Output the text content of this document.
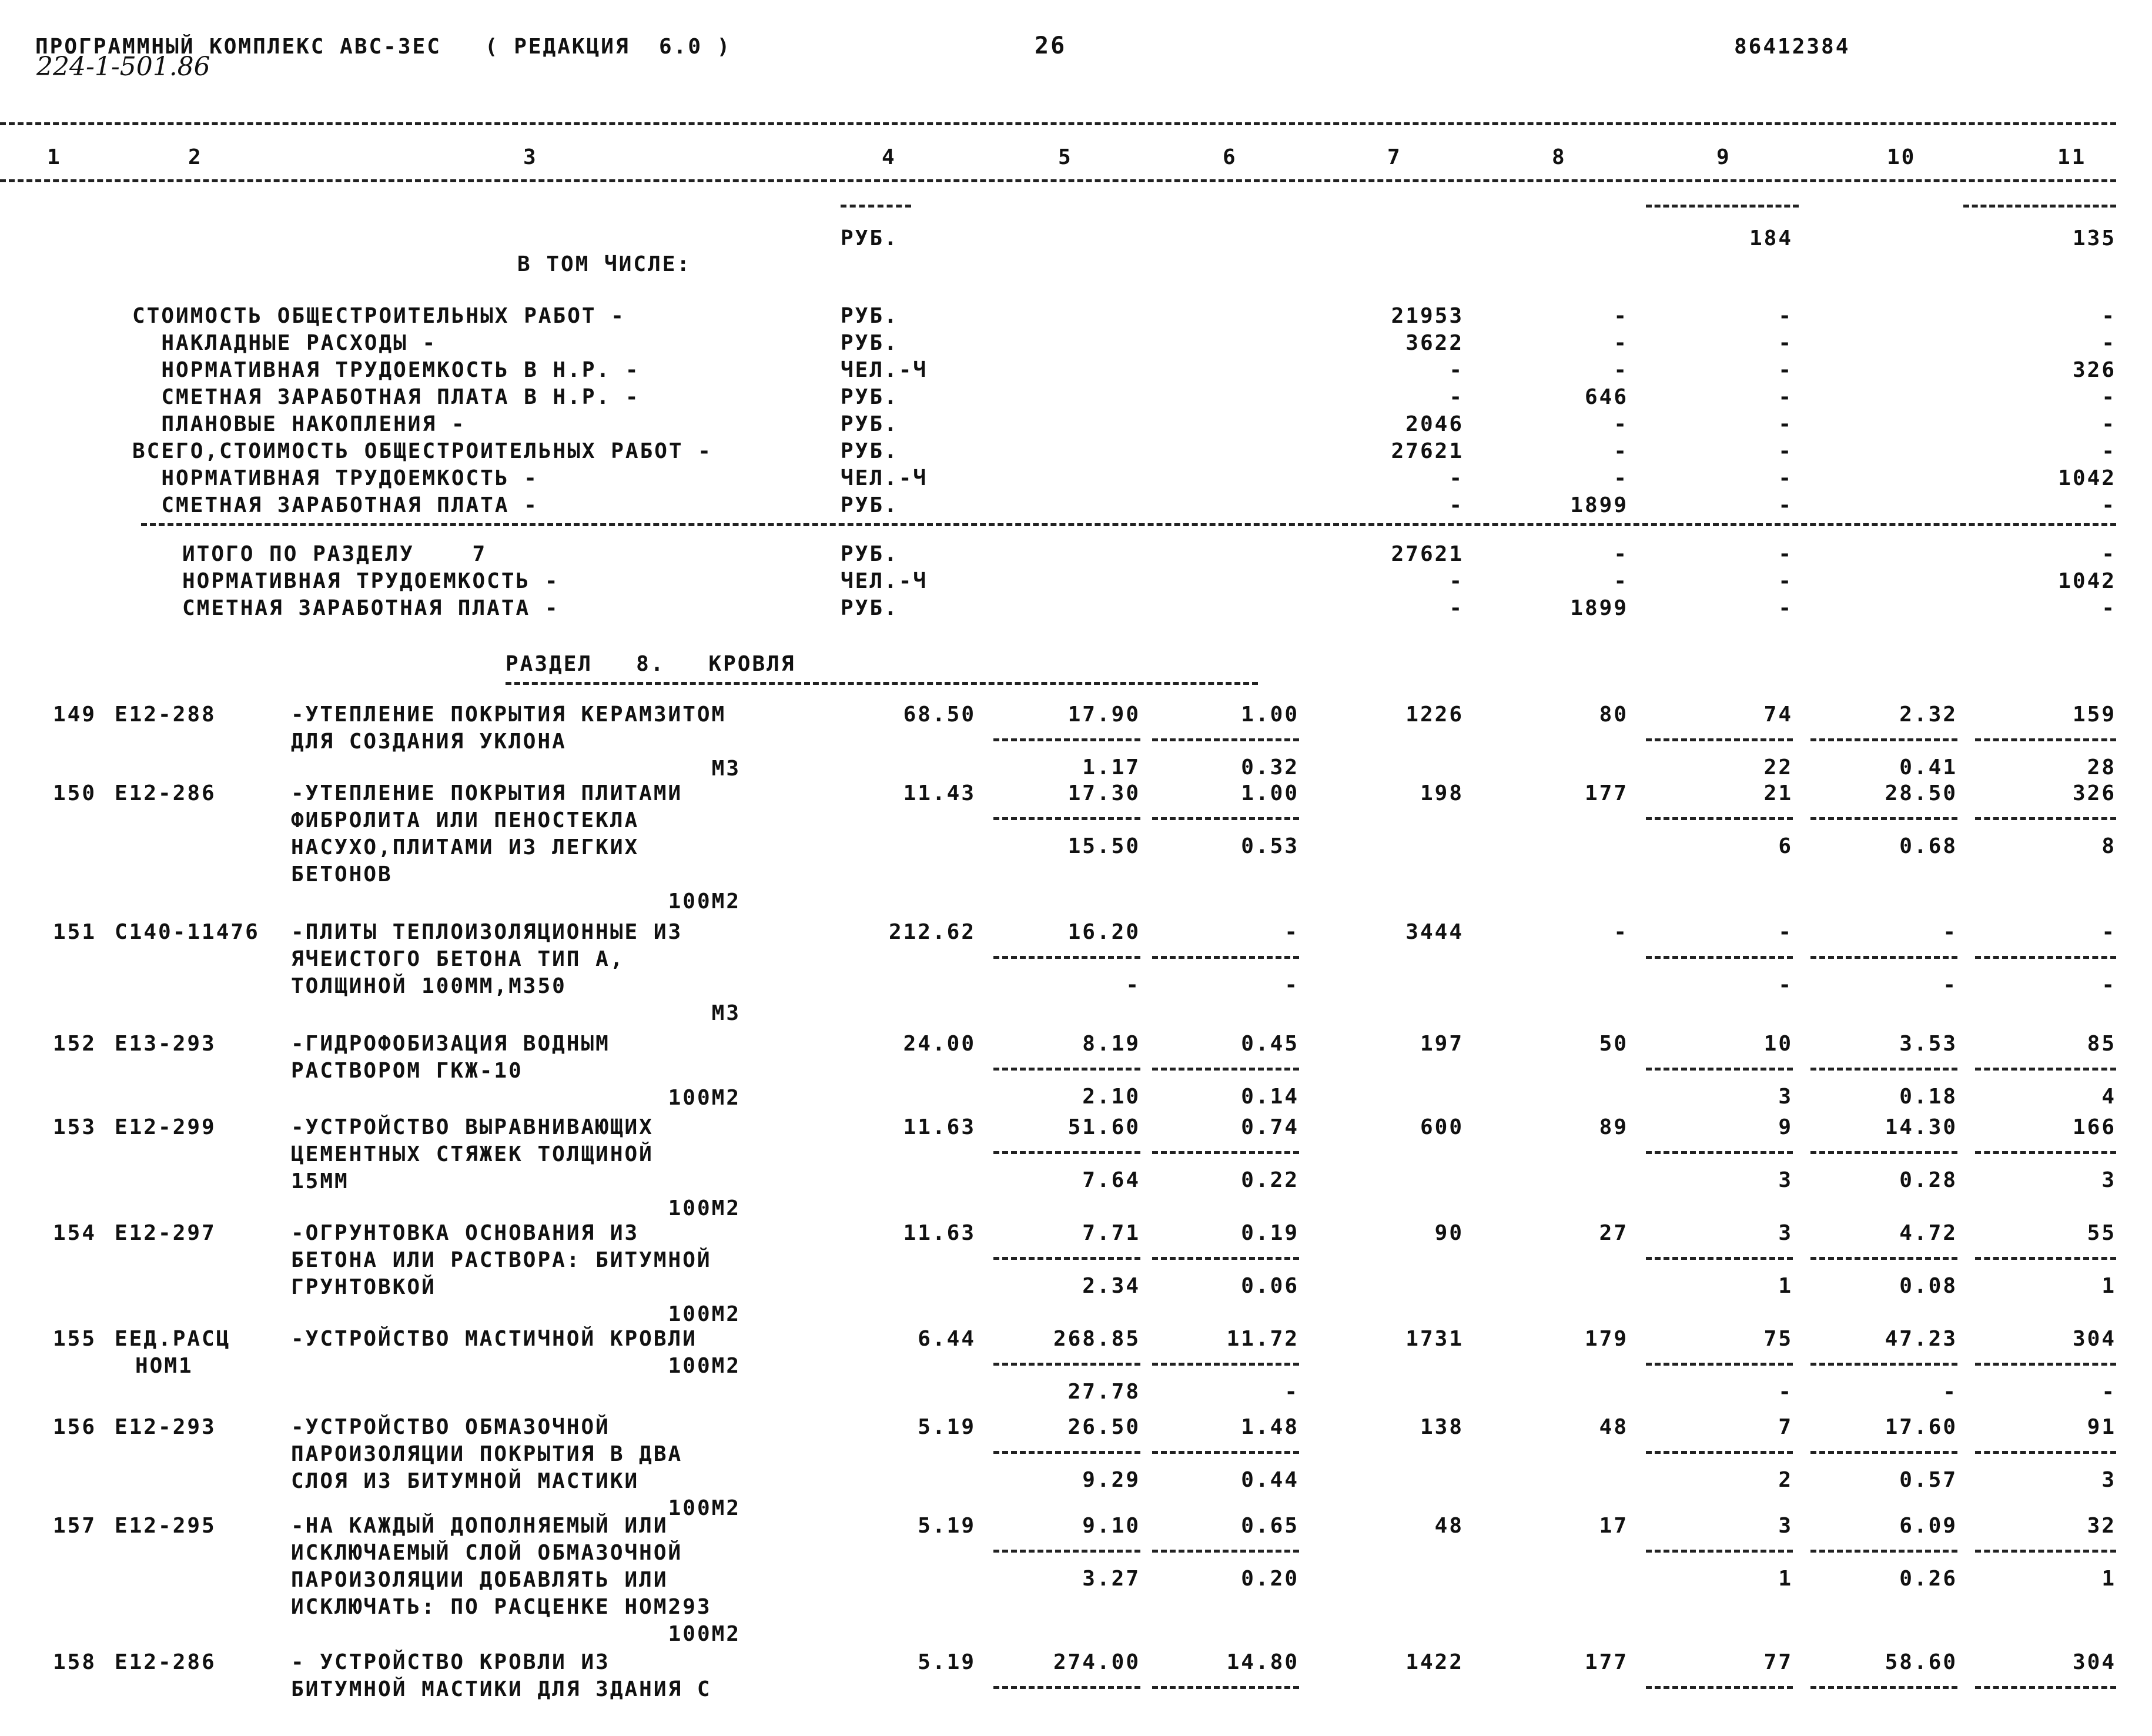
ПРОГРАММНЫЙ КОМПЛЕКС АВС-3ЕС   ( РЕДАКЦИЯ  6.0 )
224-1-501.86
26	86412384
1	2	3	4	5	6	7	8	9	10	11
РУБ.	184	135
В ТОМ ЧИСЛЕ:
СТОИМОСТЬ ОБЩЕСТРОИТЕЛЬНЫХ РАБОТ -	РУБ.	21953	-	-	-
НАКЛАДНЫЕ РАСХОДЫ -	РУБ.	3622	-	-	-
НОРМАТИВНАЯ ТРУДОЕМКОСТЬ В Н.Р. -	ЧЕЛ.-Ч	-	-	-	326
СМЕТНАЯ ЗАРАБОТНАЯ ПЛАТА В Н.Р. -	РУБ.	-	646	-	-
ПЛАНОВЫЕ НАКОПЛЕНИЯ -	РУБ.	2046	-	-	-
ВСЕГО,СТОИМОСТЬ ОБЩЕСТРОИТЕЛЬНЫХ РАБОТ -	РУБ.	27621	-	-	-
НОРМАТИВНАЯ ТРУДОЕМКОСТЬ -	ЧЕЛ.-Ч	-	-	-	1042
СМЕТНАЯ ЗАРАБОТНАЯ ПЛАТА -	РУБ.	-	1899	-	-
ИТОГО ПО РАЗДЕЛУ    7	РУБ.	27621	-	-	-
НОРМАТИВНАЯ ТРУДОЕМКОСТЬ -	ЧЕЛ.-Ч	-	-	-	1042
СМЕТНАЯ ЗАРАБОТНАЯ ПЛАТА -	РУБ.	-	1899	-	-
РАЗДЕЛ   8.   КРОВЛЯ
149 Е12-288	-УТЕПЛЕНИЕ ПОКРЫТИЯ КЕРАМЗИТОМ
ДЛЯ СОЗДАНИЯ УКЛОНА
68.50	17.90	1.00	1226	80	74	2.32	159
1.17	0.32	22	0.41	28
М3
150 Е12-286	-УТЕПЛЕНИЕ ПОКРЫТИЯ ПЛИТАМИ
ФИБРОЛИТА ИЛИ ПЕНОСТЕКЛА
НАСУХО,ПЛИТАМИ ИЗ ЛЕГКИХ
БЕТОНОВ
11.43	17.30	1.00	198	177	21	28.50	326
15.50	0.53	6	0.68	8
100М2
151 С140-11476 -ПЛИТЫ ТЕПЛОИЗОЛЯЦИОННЫЕ ИЗ
ЯЧЕИСТОГО БЕТОНА ТИП А,
ТОЛЩИНОЙ 100ММ,М350
212.62	16.20	-	3444	-	-	-	-
-	-	-	-	-
М3
152 Е13-293	-ГИДРОФОБИЗАЦИЯ ВОДНЫМ
РАСТВОРОМ ГКЖ-10
24.00	8.19	0.45	197	50	10	3.53	85
2.10	0.14	3	0.18	4
100М2
153 Е12-299	-УСТРОЙСТВО ВЫРАВНИВАЮЩИХ
ЦЕМЕНТНЫХ СТЯЖЕК ТОЛЩИНОЙ
15ММ
11.63	51.60	0.74	600	89	9	14.30	166
7.64	0.22	3	0.28	3
100М2
154 Е12-297	-ОГРУНТОВКА ОСНОВАНИЯ ИЗ
БЕТОНА ИЛИ РАСТВОРА: БИТУМНОЙ
ГРУНТОВКОЙ
11.63	7.71	0.19	90	27	3	4.72	55
2.34	0.06	1	0.08	1
100М2
155 ЕЕД.РАСЦ
НОМ1
-УСТРОЙСТВО МАСТИЧНОЙ КРОВЛИ	6.44	268.85	11.72	1731	179	75	47.23	304
27.78	-	-	-	-
100М2
156 Е12-293	-УСТРОЙСТВО ОБМАЗОЧНОЙ
ПАРОИЗОЛЯЦИИ ПОКРЫТИЯ В ДВА
СЛОЯ ИЗ БИТУМНОЙ МАСТИКИ
5.19	26.50	1.48	138	48	7	17.60	91
9.29	0.44	2	0.57	3
100М2
157 Е12-295	-НА КАЖДЫЙ ДОПОЛНЯЕМЫЙ ИЛИ
ИСКЛЮЧАЕМЫЙ СЛОЙ ОБМАЗОЧНОЙ
ПАРОИЗОЛЯЦИИ ДОБАВЛЯТЬ ИЛИ
ИСКЛЮЧАТЬ: ПО РАСЦЕНКЕ НОМ293
5.19	9.10	0.65	48	17	3	6.09	32
3.27	0.20	1	0.26	1
100М2
158 Е12-286	- УСТРОЙСТВО КРОВЛИ ИЗ
БИТУМНОЙ МАСТИКИ ДЛЯ ЗДАНИЯ С
5.19	274.00	14.80	1422	177	77	58.60	304
